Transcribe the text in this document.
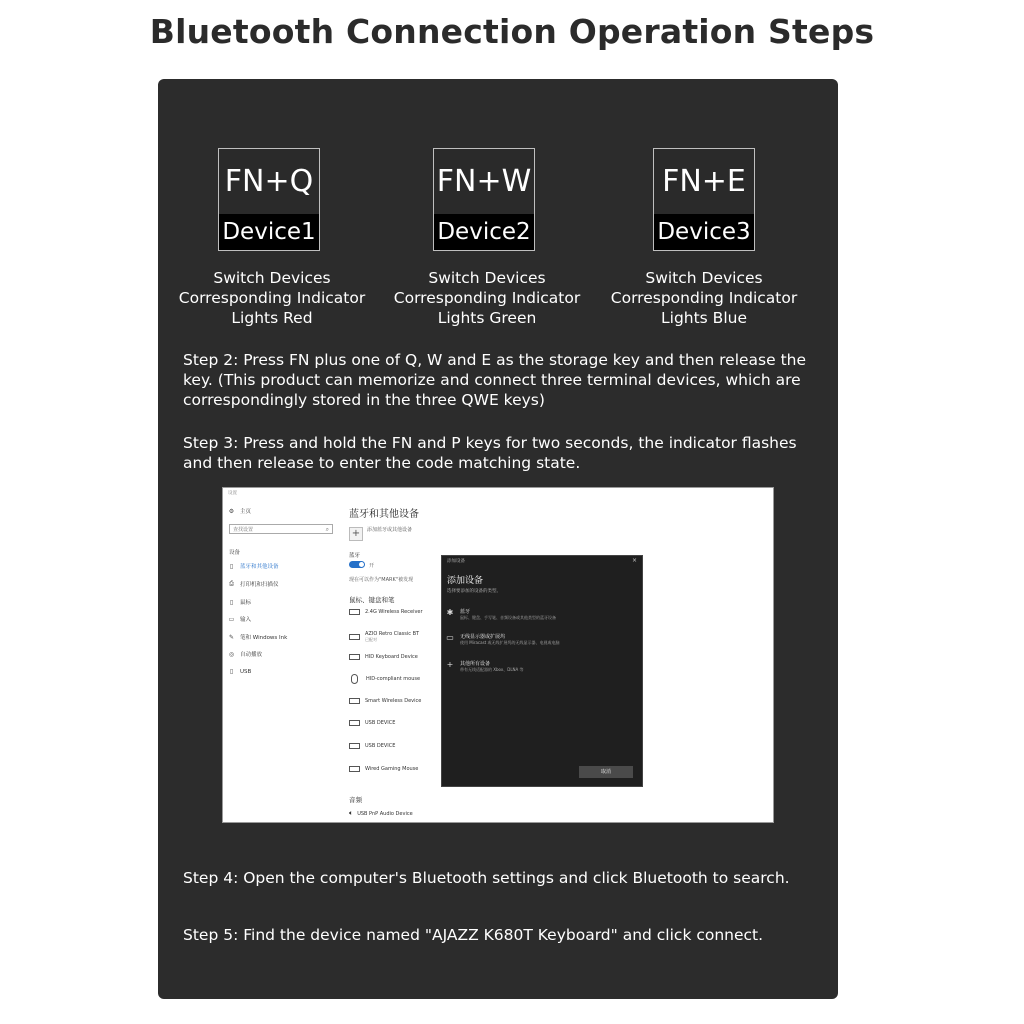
Bluetooth Connection Operation Steps
FN+Q
Device1
Switch Devices
Corresponding Indicator
Lights Red
FN+W
Device2
Switch Devices
Corresponding Indicator
Lights Green
FN+E
Device3
Switch Devices
Corresponding Indicator
Lights Blue
Step 2: Press FN plus one of Q, W and E as the storage key and then release the key. (This product can memorize and connect three terminal devices, which are correspondingly stored in the three QWE keys)
Step 3: Press and hold the FN and P keys for two seconds, the indicator flashes and then release to enter the code matching state.
设置
⚙ 主页
查找设置	⌕
设备
▯	蓝牙和其他设备
⎙ 打印机和扫描仪
▯	鼠标
▭ 输入
✎ 笔和 Windows Ink
◎ 自动播放
▯	USB
蓝牙和其他设备
+	添加蓝牙或其他设备
蓝牙
开
现在可以作为"MARK"被发现
鼠标、键盘和笔
2.4G Wireless Receiver
AZIO Retro Classic BT
已配对
HID Keyboard Device
HID-compliant mouse
Smart Wireless Device
USB DEVICE
USB DEVICE
Wired Gaming Mouse
音频
🔈︎ USB PnP Audio Device
添加设备	×
添加设备
选择要添加的设备的类型。
✱	蓝牙
鼠标、键盘、手写笔、音频设备或其他类型的蓝牙设备
▭ 无线显示器或扩展坞
使用 Miracast 或无线扩展坞的无线显示器、电视或电脑
+	其他所有设备
带有无线适配器的 Xbox、DLNA 等
取消
Step 4: Open the computer's Bluetooth settings and click Bluetooth to search.
Step 5: Find the device named "AJAZZ K680T Keyboard" and click connect.
